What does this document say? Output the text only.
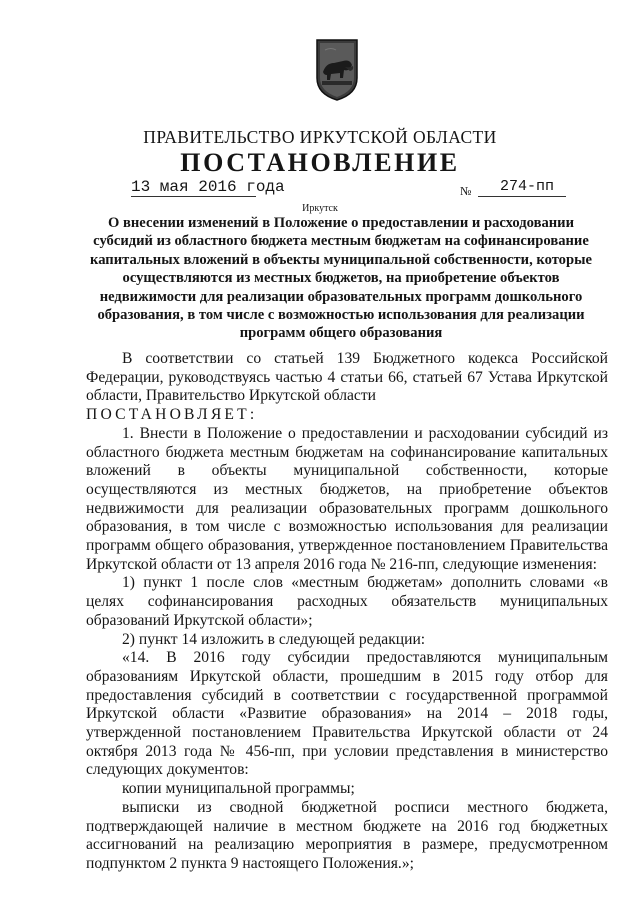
ПРАВИТЕЛЬСТВО ИРКУТСКОЙ ОБЛАСТИ
ПОСТАНОВЛЕНИЕ
13 мая 2016 года	№ 274-пп
Иркутск
О внесении изменений в Положение о предоставлении и расходовании субсидий из областного бюджета местным бюджетам на софинансирование капитальных вложений в объекты муниципальной собственности, которые осуществляются из местных бюджетов, на приобретение объектов недвижимости для реализации образовательных программ дошкольного образования, в том числе с возможностью использования для реализации программ общего образования

В соответствии со статьей 139 Бюджетного кодекса Российской Федерации, руководствуясь частью 4 статьи 66, статьей 67 Устава Иркутской области, Правительство Иркутской области

ПОСТАНОВЛЯЕТ:

1. Внести в Положение о предоставлении и расходовании субсидий из областного бюджета местным бюджетам на софинансирование капитальных вложений в объекты муниципальной собственности, которые осуществляются из местных бюджетов, на приобретение объектов недвижимости для реализации образовательных программ дошкольного образования, в том числе с возможностью использования для реализации программ общего образования, утвержденное постановлением Правительства Иркутской области от 13 апреля 2016 года № 216-пп, следующие изменения:

1) пункт 1 после слов «местным бюджетам» дополнить словами «в целях софинансирования расходных обязательств муниципальных образований Иркутской области»;

2) пункт 14 изложить в следующей редакции:

«14. В 2016 году субсидии предоставляются муниципальным образованиям Иркутской области, прошедшим в 2015 году отбор для предоставления субсидий в соответствии с государственной программой Иркутской области «Развитие образования» на 2014 – 2018 годы, утвержденной постановлением Правительства Иркутской области от 24 октября 2013 года № 456-пп, при условии представления в министерство следующих документов:

копии муниципальной программы;

выписки из сводной бюджетной росписи местного бюджета, подтверждающей наличие в местном бюджете на 2016 год бюджетных ассигнований на реализацию мероприятия в размере, предусмотренном подпунктом 2 пункта 9 настоящего Положения.»;
